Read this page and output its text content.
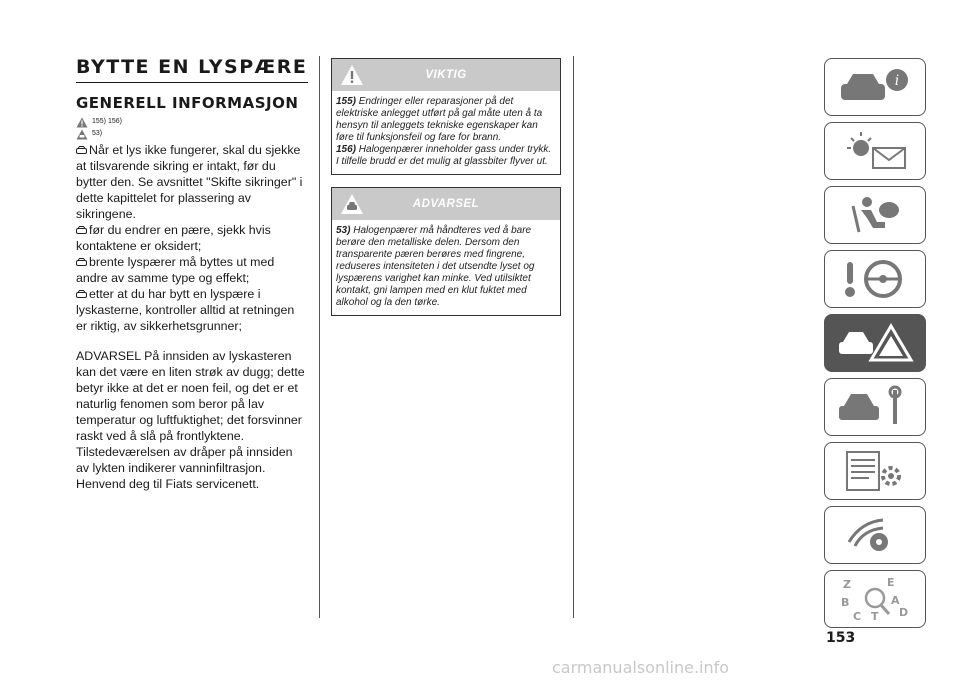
BYTTE EN LYSPÆRE
GENERELL INFORMASJON
155) 156)
53)
Når et lys ikke fungerer, skal du sjekke at tilsvarende sikring er intakt, før du bytter den. Se avsnittet "Skifte sikringer" i dette kapittelet for plassering av sikringene.
før du endrer en pære, sjekk hvis kontaktene er oksidert;
brente lyspærer må byttes ut med andre av samme type og effekt;
etter at du har bytt en lyspære i lyskasterne, kontroller alltid at retningen er riktig, av sikkerhetsgrunner;
ADVARSEL På innsiden av lyskasteren kan det være en liten strøk av dugg; dette betyr ikke at det er noen feil, og det er et naturlig fenomen som beror på lav temperatur og luftfuktighet; det forsvinner raskt ved å slå på frontlyktene. Tilstedeværelsen av dråper på innsiden av lykten indikerer vanninfiltrasjon. Henvend deg til Fiats servicenett.
VIKTIG
155) Endringer eller reparasjoner på det elektriske anlegget utført på gal måte uten å ta hensyn til anleggets tekniske egenskaper kan føre til funksjonsfeil og fare for brann.
156) Halogenpærer inneholder gass under trykk. I tilfelle brudd er det mulig at glassbiter flyver ut.
ADVARSEL
53) Halogenpærer må håndteres ved å bare berøre den metalliske delen. Dersom den transparente pæren berøres med fingrene, reduseres intensiteten i det utsendte lyset og lyspærens varighet kan minke. Ved utilsiktet kontakt, gni lampen med en klut fuktet med alkohol og la den tørke.
i
Z	E
B	A
C T D
153
carmanualsonline.info
